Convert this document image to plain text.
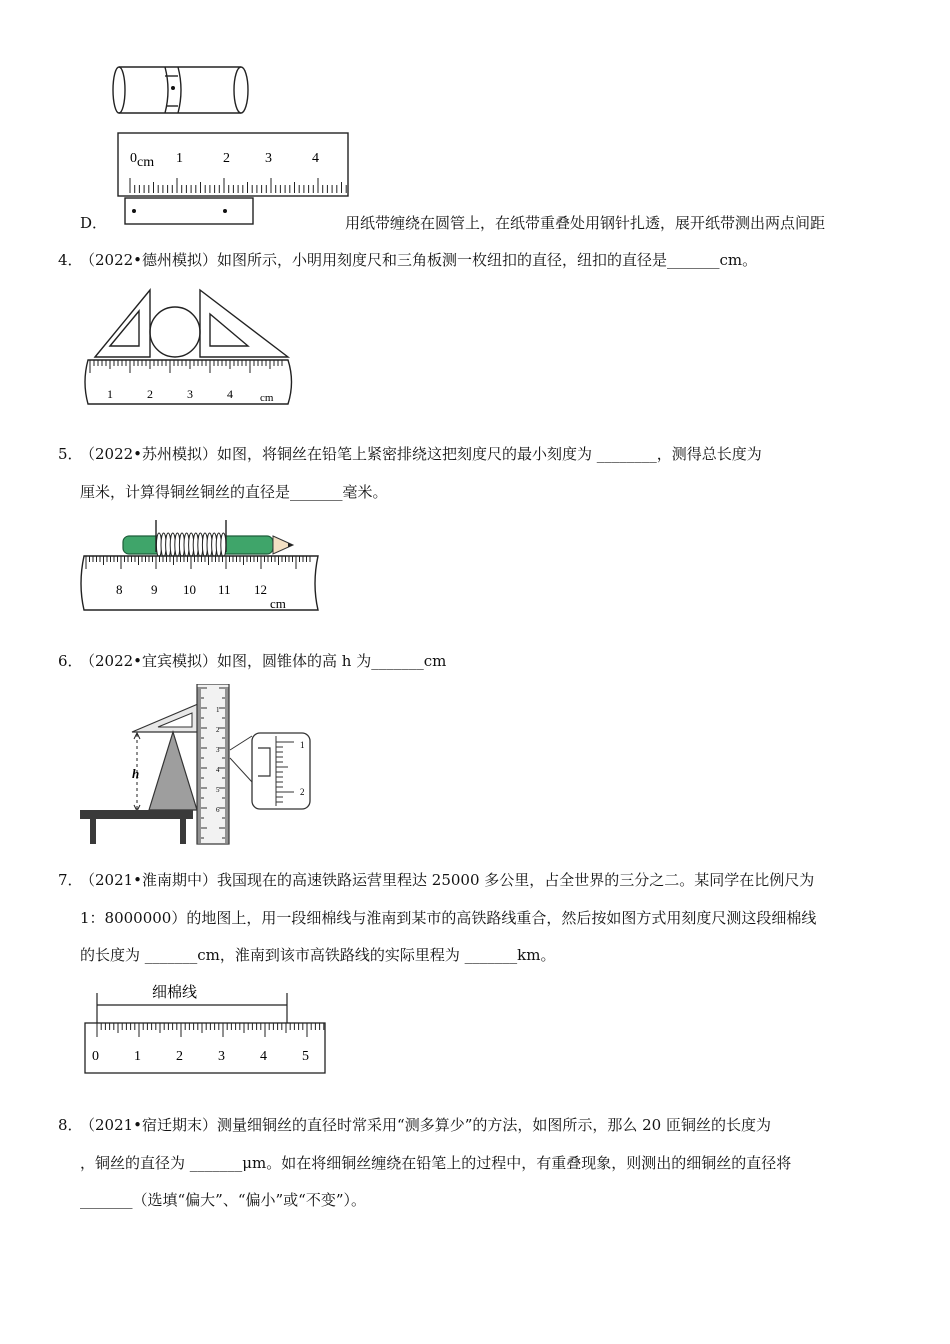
0 cm 1	2	3	4
D．	用纸带缠绕在圆管上，在纸带重叠处用钢针扎透，展开纸带测出两点间距
4．
（2022•德州模拟）如图所示，小明用刻度尺和三角板测一枚纽扣的直径，纽扣的直径是_______cm。
1	2	3	4 cm
5．
（2022•苏州模拟）如图，将铜丝在铅笔上紧密排绕这把刻度尺的最小刻度为 ________，测得总长度为
厘米，计算得铜丝铜丝的直径是_______毫米。
8 9 10 11 12
cm
6．
（2022•宜宾模拟）如图，圆锥体的高 h 为_______cm
h
1
2
3
4
5
6
1
2
7．
（2021•淮南期中）我国现在的高速铁路运营里程达 25000 多公里，占全世界的三分之二。某同学在比例尺为
1：8000000）的地图上，用一段细棉线与淮南到某市的高铁路线重合，然后按如图方式用刻度尺测这段细棉线
的长度为 _______cm，淮南到该市高铁路线的实际里程为 _______km。
细棉线
0	1	2	3	4	5
8．
（2021•宿迁期末）测量细铜丝的直径时常采用“测多算少”的方法，如图所示，那么 20 匝铜丝的长度为
，铜丝的直径为 _______μm。如在将细铜丝缠绕在铅笔上的过程中，有重叠现象，则测出的细铜丝的直径将
_______（选填“偏大”、“偏小”或“不变”）。
